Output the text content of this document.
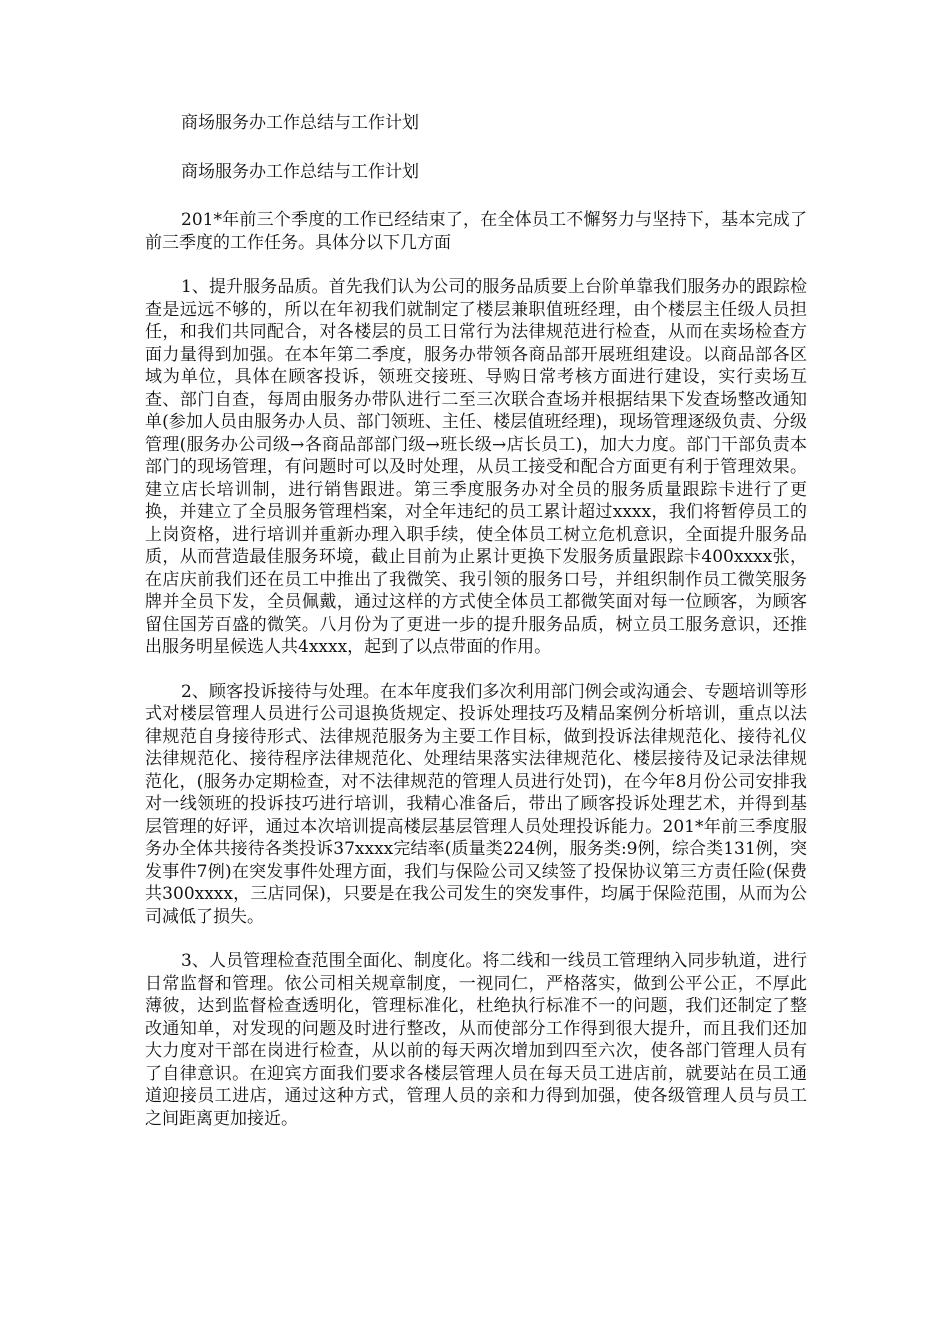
商场服务办工作总结与工作计划

商场服务办工作总结与工作计划

201*年前三个季度的工作已经结束了，在全体员工不懈努力与坚持下，基本完成了前三季度的工作任务。具体分以下几方面

1、提升服务品质。首先我们认为公司的服务品质要上台阶单靠我们服务办的跟踪检查是远远不够的，所以在年初我们就制定了楼层兼职值班经理，由个楼层主任级人员担任，和我们共同配合，对各楼层的员工日常行为法律规范进行检查，从而在卖场检查方面力量得到加强。在本年第二季度，服务办带领各商品部开展班组建设。以商品部各区域为单位，具体在顾客投诉，领班交接班、导购日常考核方面进行建设，实行卖场互查、部门自查，每周由服务办带队进行二至三次联合查场并根据结果下发查场整改通知单(参加人员由服务办人员、部门领班、主任、楼层值班经理)，现场管理逐级负责、分级管理(服务办公司级→各商品部部门级→班长级→店长员工)，加大力度。部门干部负责本部门的现场管理，有问题时可以及时处理，从员工接受和配合方面更有利于管理效果。建立店长培训制，进行销售跟进。第三季度服务办对全员的服务质量跟踪卡进行了更换，并建立了全员服务管理档案，对全年违纪的员工累计超过xxxx，我们将暂停员工的上岗资格，进行培训并重新办理入职手续，使全体员工树立危机意识，全面提升服务品质，从而营造最佳服务环境，截止目前为止累计更换下发服务质量跟踪卡400xxxx张，在店庆前我们还在员工中推出了我微笑、我引领的服务口号，并组织制作员工微笑服务牌并全员下发，全员佩戴，通过这样的方式使全体员工都微笑面对每一位顾客，为顾客留住国芳百盛的微笑。八月份为了更进一步的提升服务品质，树立员工服务意识，还推出服务明星候选人共4xxxx，起到了以点带面的作用。

2、顾客投诉接待与处理。在本年度我们多次利用部门例会或沟通会、专题培训等形式对楼层管理人员进行公司退换货规定、投诉处理技巧及精品案例分析培训，重点以法律规范自身接待形式、法律规范服务为主要工作目标，做到投诉法律规范化、接待礼仪法律规范化、接待程序法律规范化、处理结果落实法律规范化、楼层接待及记录法律规范化，(服务办定期检查，对不法律规范的管理人员进行处罚)，在今年8月份公司安排我对一线领班的投诉技巧进行培训，我精心准备后，带出了顾客投诉处理艺术，并得到基层管理的好评，通过本次培训提高楼层基层管理人员处理投诉能力。201*年前三季度服务办全体共接待各类投诉37xxxx完结率(质量类224例，服务类:9例，综合类131例，突发事件7例)在突发事件处理方面，我们与保险公司又续签了投保协议第三方责任险(保费共300xxxx，三店同保)，只要是在我公司发生的突发事件，均属于保险范围，从而为公司减低了损失。

3、人员管理检查范围全面化、制度化。将二线和一线员工管理纳入同步轨道，进行日常监督和管理。依公司相关规章制度，一视同仁，严格落实，做到公平公正，不厚此薄彼，达到监督检查透明化，管理标准化，杜绝执行标准不一的问题，我们还制定了整改通知单，对发现的问题及时进行整改，从而使部分工作得到很大提升，而且我们还加大力度对干部在岗进行检查，从以前的每天两次增加到四至六次，使各部门管理人员有了自律意识。在迎宾方面我们要求各楼层管理人员在每天员工进店前，就要站在员工通道迎接员工进店，通过这种方式，管理人员的亲和力得到加强，使各级管理人员与员工之间距离更加接近。
